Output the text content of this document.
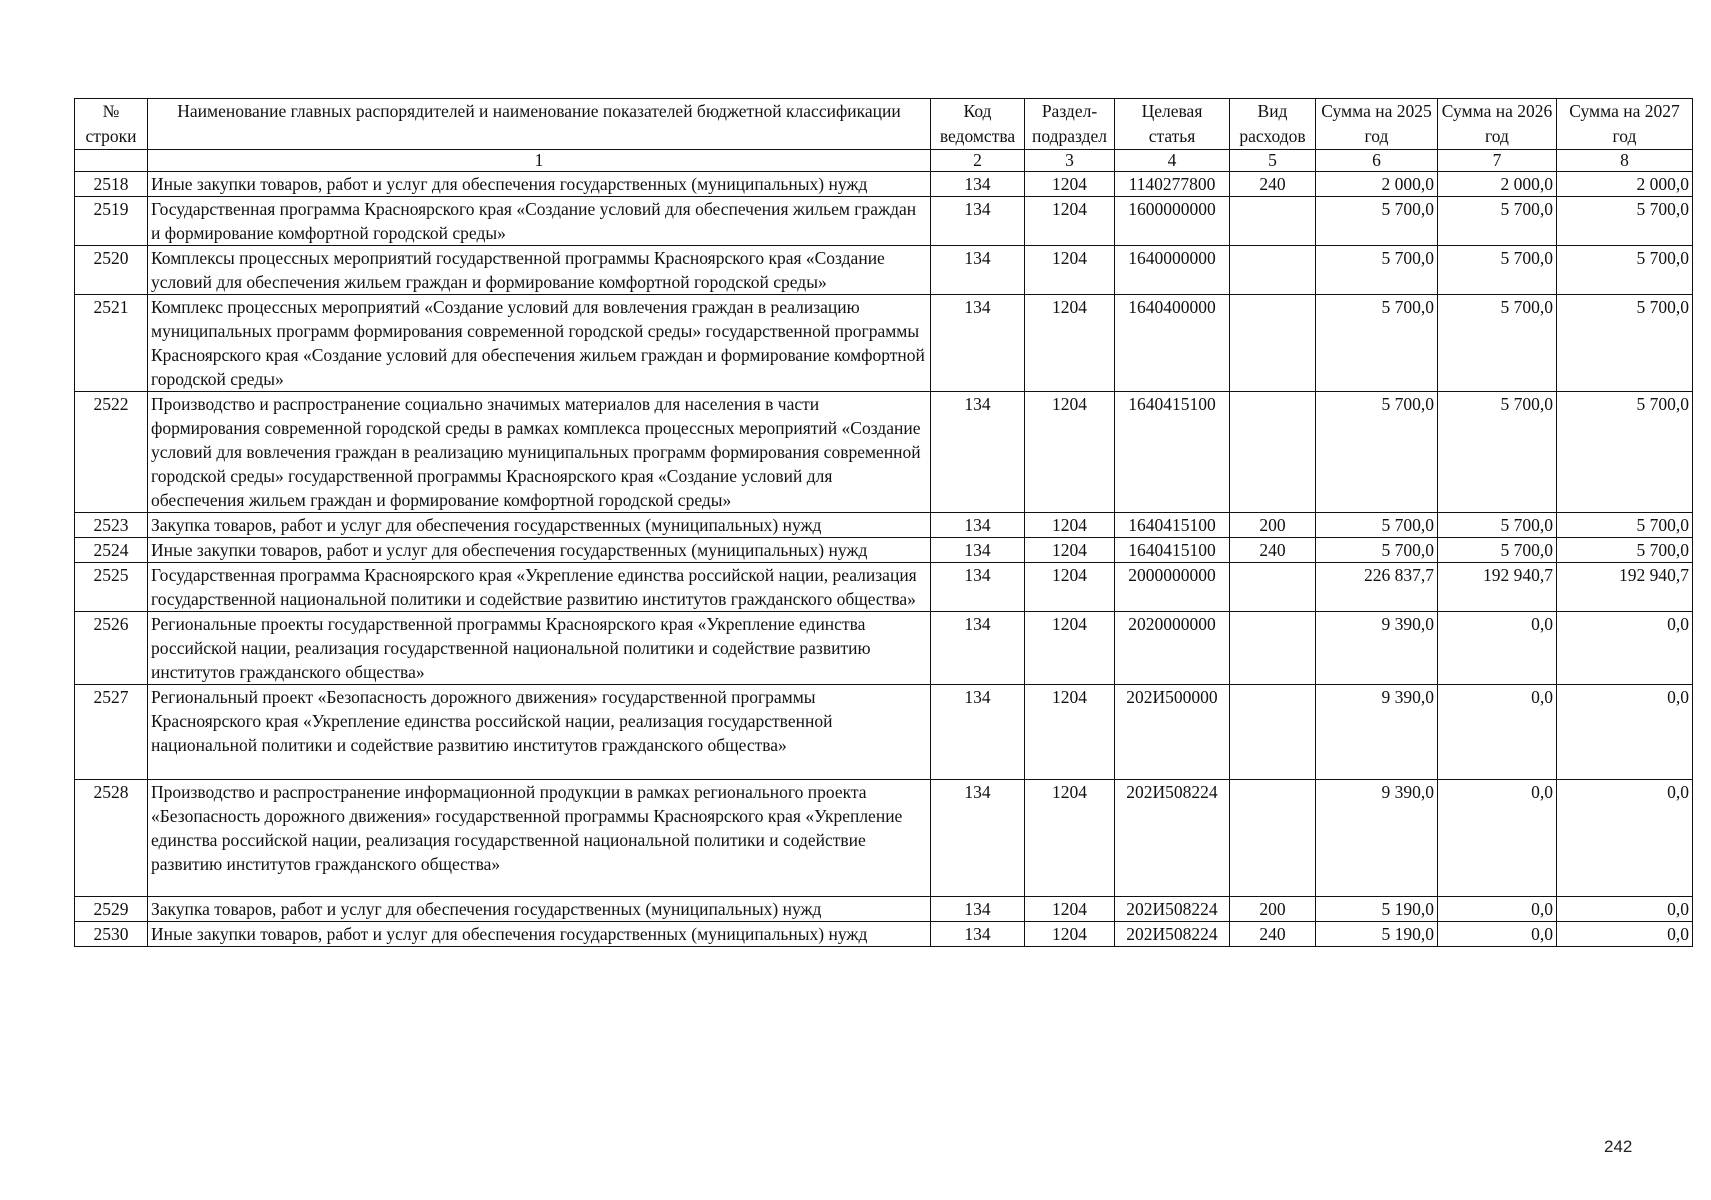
№ строки	Наименование главных распорядителей и наименование показателей бюджетной классификации	Код ведомства	Раздел-подраздел	Целевая статья	Вид расходов	Сумма на 2025 год	Сумма на 2026 год	Сумма на 2027 год
	1	2	3	4	5	6	7	8
2518	Иные закупки товаров, работ и услуг для обеспечения государственных (муниципальных) нужд	134	1204	1140277800	240	2 000,0	2 000,0	2 000,0
2519	Государственная программа Красноярского края «Создание условий для обеспечения жильем граждан и формирование комфортной городской среды»	134	1204	1600000000		5 700,0	5 700,0	5 700,0
2520	Комплексы процессных мероприятий государственной программы Красноярского края «Создание условий для обеспечения жильем граждан и формирование комфортной городской среды»	134	1204	1640000000		5 700,0	5 700,0	5 700,0
2521	Комплекс процессных мероприятий «Создание условий для вовлечения граждан в реализацию муниципальных программ формирования современной городской среды» государственной программы Красноярского края «Создание условий для обеспечения жильем граждан и формирование комфортной городской среды»	134	1204	1640400000		5 700,0	5 700,0	5 700,0
2522	Производство и распространение социально значимых материалов для населения в части формирования современной городской среды в рамках комплекса процессных мероприятий «Создание условий для вовлечения граждан в реализацию муниципальных программ формирования современной городской среды» государственной программы Красноярского края «Создание условий для обеспечения жильем граждан и формирование комфортной городской среды»	134	1204	1640415100		5 700,0	5 700,0	5 700,0
2523	Закупка товаров, работ и услуг для обеспечения государственных (муниципальных) нужд	134	1204	1640415100	200	5 700,0	5 700,0	5 700,0
2524	Иные закупки товаров, работ и услуг для обеспечения государственных (муниципальных) нужд	134	1204	1640415100	240	5 700,0	5 700,0	5 700,0
2525	Государственная программа Красноярского края «Укрепление единства российской нации, реализация государственной национальной политики и содействие развитию институтов гражданского общества»	134	1204	2000000000		226 837,7	192 940,7	192 940,7
2526	Региональные проекты государственной программы Красноярского края «Укрепление единства российской нации, реализация государственной национальной политики и содействие развитию институтов гражданского общества»	134	1204	2020000000		9 390,0	0,0	0,0
2527	Региональный проект «Безопасность дорожного движения» государственной программы Красноярского края «Укрепление единства российской нации, реализация государственной национальной политики и содействие развитию институтов гражданского общества»	134	1204	202И500000		9 390,0	0,0	0,0
2528	Производство и распространение информационной продукции в рамках регионального проекта «Безопасность дорожного движения» государственной программы Красноярского края «Укрепление единства российской нации, реализация государственной национальной политики и содействие развитию институтов гражданского общества»	134	1204	202И508224		9 390,0	0,0	0,0
2529	Закупка товаров, работ и услуг для обеспечения государственных (муниципальных) нужд	134	1204	202И508224	200	5 190,0	0,0	0,0
2530	Иные закупки товаров, работ и услуг для обеспечения государственных (муниципальных) нужд	134	1204	202И508224	240	5 190,0	0,0	0,0
242
